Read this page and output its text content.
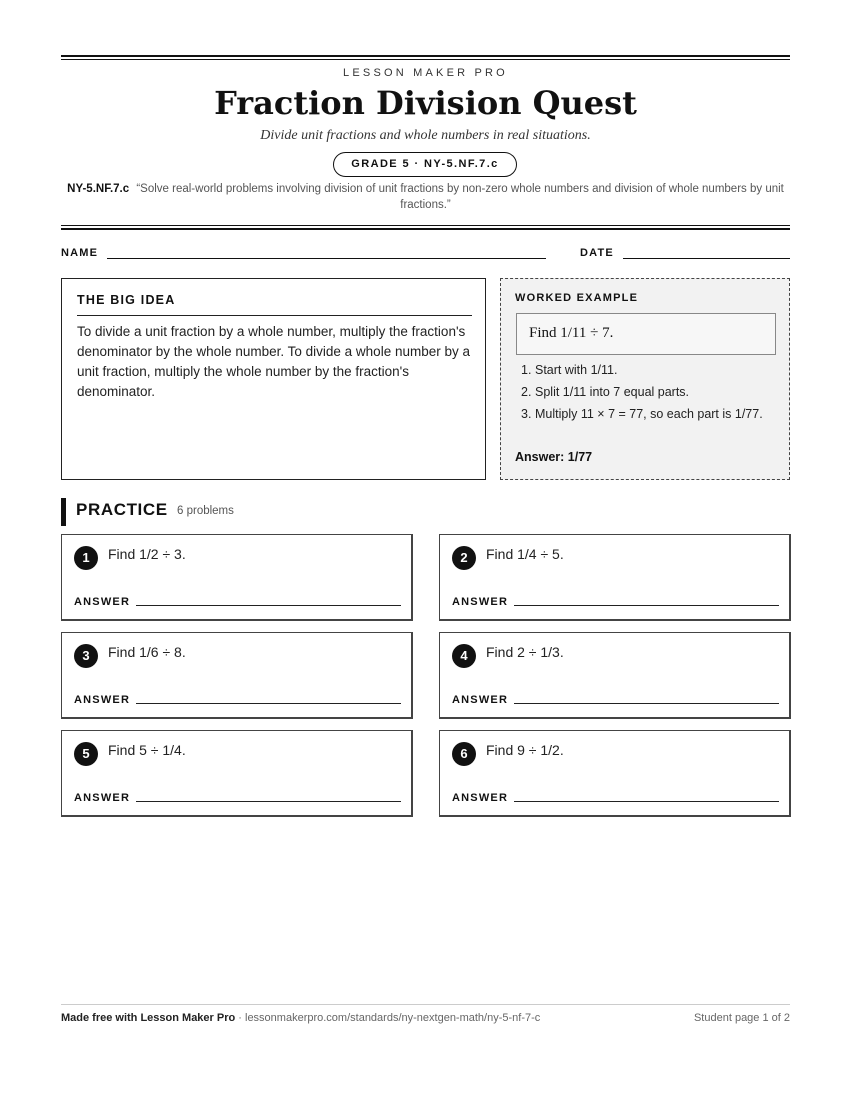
LESSON MAKER PRO
Fraction Division Quest
Divide unit fractions and whole numbers in real situations.
GRADE 5 · NY-5.NF.7.c
NY-5.NF.7.c “Solve real-world problems involving division of unit fractions by non-zero whole numbers and division of whole numbers by unit fractions.”
NAME	DATE
THE BIG IDEA

To divide a unit fraction by a whole number, multiply the fraction's denominator by the whole number. To divide a whole number by a unit fraction, multiply the whole number by the fraction's denominator.

WORKED EXAMPLE
Find 1/11 ÷ 7.
1. Start with 1/11.
2. Split 1/11 into 7 equal parts.
3. Multiply 11 × 7 = 77, so each part is 1/77.
Answer: 1/77
PRACTICE 6 problems
1	Find 1/2 ÷ 3.
ANSWER
2	Find 1/4 ÷ 5.
ANSWER
3	Find 1/6 ÷ 8.
ANSWER
4	Find 2 ÷ 1/3.
ANSWER
5	Find 5 ÷ 1/4.
ANSWER
6	Find 9 ÷ 1/2.
ANSWER
Made free with Lesson Maker Pro · lessonmakerpro.com/standards/ny-nextgen-math/ny-5-nf-7-c	Student page 1 of 2
